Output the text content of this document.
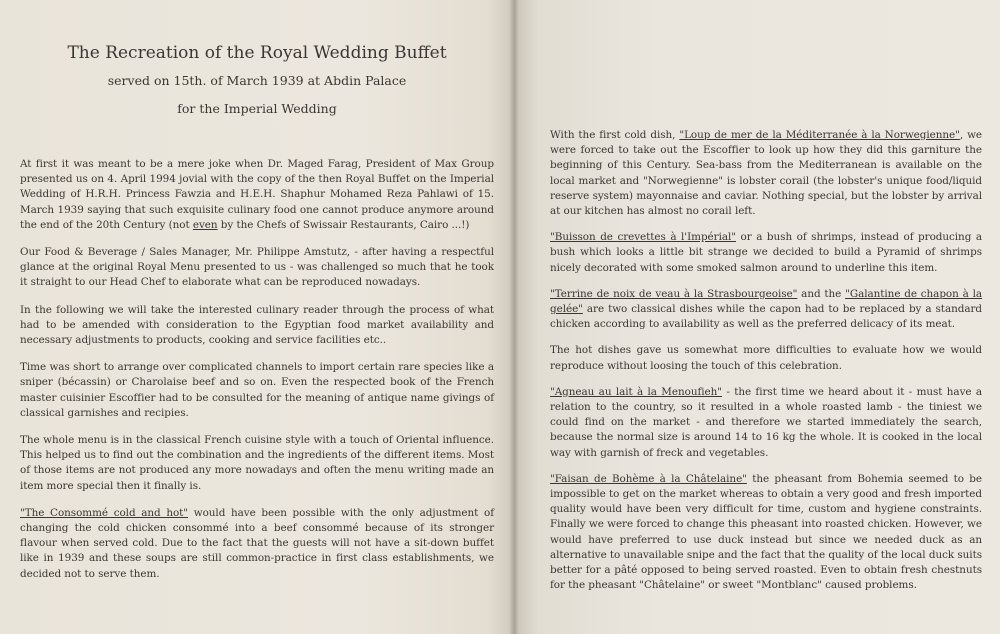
The Recreation of the Royal Wedding Buffet
served on 15th. of March 1939 at Abdin Palace
for the Imperial Wedding

At first it was meant to be a mere joke when Dr. Maged Farag, President of Max Group presented us on 4. April 1994 jovial with the copy of the then Royal Buffet on the Imperial Wedding of H.R.H. Princess Fawzia and H.E.H. Shaphur Mohamed Reza Pahlawi of 15. March 1939 saying that such exquisite culinary food one cannot produce anymore around the end of the 20th Century (not even by the Chefs of Swissair Restaurants, Cairo ...!)

Our Food & Beverage / Sales Manager, Mr. Philippe Amstutz, - after having a respectful glance at the original Royal Menu presented to us - was challenged so much that he took it straight to our Head Chef to elaborate what can be reproduced nowadays.

In the following we will take the interested culinary reader through the process of what had to be amended with consideration to the Egyptian food market availability and necessary adjustments to products, cooking and service facilities etc..

Time was short to arrange over complicated channels to import certain rare species like a sniper (bécassin) or Charolaise beef and so on. Even the respected book of the French master cuisinier Escoffier had to be consulted for the meaning of antique name givings of classical garnishes and recipies.

The whole menu is in the classical French cuisine style with a touch of Oriental influence. This helped us to find out the combination and the ingredients of the different items. Most of those items are not produced any more nowadays and often the menu writing made an item more special then it finally is.

"The Consommé cold and hot" would have been possible with the only adjustment of changing the cold chicken consommé into a beef consommé because of its stronger flavour when served cold. Due to the fact that the guests will not have a sit-down buffet like in 1939 and these soups are still common-practice in first class establishments, we decided not to serve them.

With the first cold dish, "Loup de mer de la Méditerranée à la Norwegienne", we were forced to take out the Escoffier to look up how they did this garniture the beginning of this Century. Sea-bass from the Mediterranean is available on the local market and "Norwegienne" is lobster corail (the lobster's unique food/liquid reserve system) mayonnaise and caviar. Nothing special, but the lobster by arrival at our kitchen has almost no corail left.

"Buisson de crevettes à l'Impérial" or a bush of shrimps, instead of producing a bush which looks a little bit strange we decided to build a Pyramid of shrimps nicely decorated with some smoked salmon around to underline this item.

"Terrine de noix de veau à la Strasbourgeoise" and the "Galantine de chapon à la gelée" are two classical dishes while the capon had to be replaced by a standard chicken according to availability as well as the preferred delicacy of its meat.

The hot dishes gave us somewhat more difficulties to evaluate how we would reproduce without loosing the touch of this celebration.

"Agneau au lait à la Menoufieh" - the first time we heard about it - must have a relation to the country, so it resulted in a whole roasted lamb - the tiniest we could find on the market - and therefore we started immediately the search, because the normal size is around 14 to 16 kg the whole. It is cooked in the local way with garnish of freck and vegetables.

"Faisan de Bohème à la Châtelaine" the pheasant from Bohemia seemed to be impossible to get on the market whereas to obtain a very good and fresh imported quality would have been very difficult for time, custom and hygiene constraints. Finally we were forced to change this pheasant into roasted chicken. However, we would have preferred to use duck instead but since we needed duck as an alternative to unavailable snipe and the fact that the quality of the local duck suits better for a pâté opposed to being served roasted. Even to obtain fresh chestnuts for the pheasant "Châtelaine" or sweet "Montblanc" caused problems.
